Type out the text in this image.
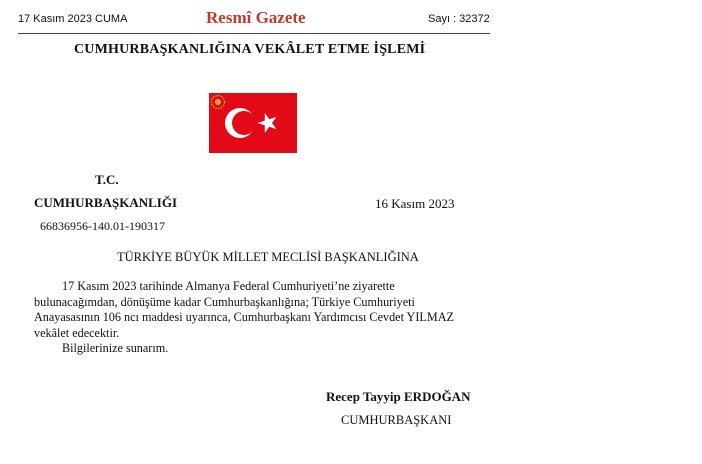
17 Kasım 2023 CUMA	Resmî Gazete	Sayı : 32372
CUMHURBAŞKANLIĞINA VEKÂLET ETME İŞLEMİ
T.C.
CUMHURBAŞKANLIĞI	16 Kasım 2023
66836956-140.01-190317
TÜRKİYE BÜYÜK MİLLET MECLİSİ BAŞKANLIĞINA

17 Kasım 2023 tarihinde Almanya Federal Cumhuriyeti’ne ziyarette bulunacağımdan, dönüşüme kadar Cumhurbaşkanlığına; Türkiye Cumhuriyeti Anayasasının 106 ncı maddesi uyarınca, Cumhurbaşkanı Yardımcısı Cevdet YILMAZ vekâlet edecektir.

Bilgilerinize sunarım.

Recep Tayyip ERDOĞAN
CUMHURBAŞKANI
